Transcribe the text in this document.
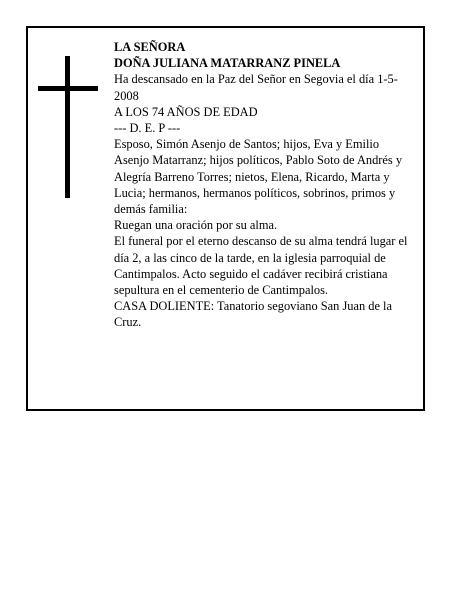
LA SEÑORA

DOÑA JULIANA MATARRANZ PINELA

Ha descansado en la Paz del Señor en Segovia el día 1-5-2008

A LOS 74 AÑOS DE EDAD

--- D. E. P ---

Esposo, Simón Asenjo de Santos; hijos, Eva y Emilio Asenjo Matarranz; hijos políticos, Pablo Soto de Andrés y Alegría Barreno Torres; nietos, Elena, Ricardo, Marta y Lucia; hermanos, hermanos políticos, sobrinos, primos y demás familia:

Ruegan una oración por su alma.

El funeral por el eterno descanso de su alma tendrá lugar el día 2, a las cinco de la tarde, en la iglesia parroquial de Cantimpalos. Acto seguido el cadáver recibirá cristiana sepultura en el cementerio de Cantimpalos.

CASA DOLIENTE: Tanatorio segoviano San Juan de la Cruz.
